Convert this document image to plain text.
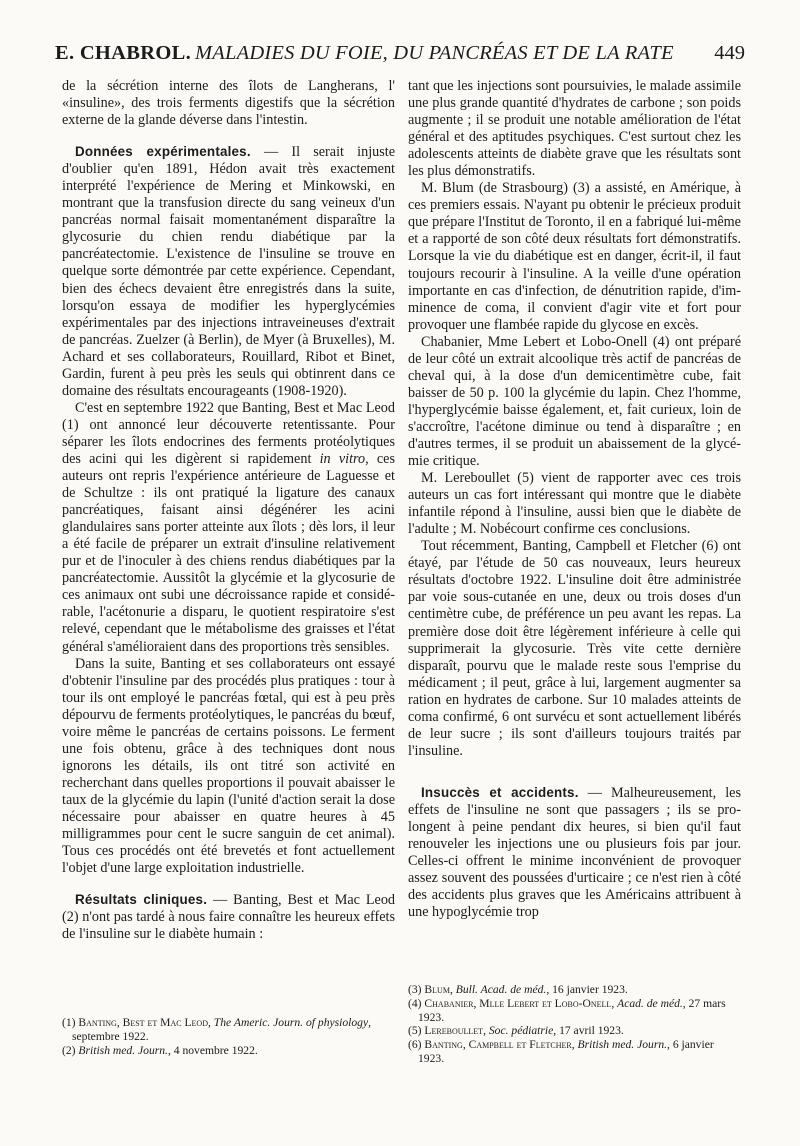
E. CHABROL. MALADIES DU FOIE, DU PANCRÉAS ET DE LA RATE 449

de la sécrétion interne des îlots de Langherans, l' «insuline», des trois ferments digestifs que la sécrétion externe de la glande déverse dans l'intestin.

Données expérimentales. — Il serait injuste d'oublier qu'en 1891, Hédon avait très exactement interprété l'expérience de Mering et Minkowski, en montrant que la transfusion directe du sang veineux d'un pancréas normal faisait momentanément disparaître la glycosurie du chien rendu diabétique par la pancréatectomie. L'existence de l'insuline se trouve en quelque sorte démontrée par cette expérience. Cependant, bien des échecs devaient être enregistrés dans la suite, lorsqu'on essaya de modifier les hyperglycémies expérimentales par des injections intraveineuses d'extrait de pancréas. Zuelzer (à Berlin), de Myer (à Bruxelles), M. Achard et ses collaborateurs, Rouillard, Ribot et Binet, Gardin, furent à peu près les seuls qui obtinrent dans ce domaine des résultats encourageants (1908-1920).

C'est en septembre 1922 que Banting, Best et Mac Leod (1) ont annoncé leur découverte retentissante. Pour séparer les îlots endocrines des ferments protéolytiques des acini qui les digèrent si rapidement in vitro, ces auteurs ont repris l'expérience antérieure de Laguesse et de Schultze : ils ont pratiqué la ligature des canaux pancréatiques, faisant ainsi dégénérer les acini glandulaires sans porter atteinte aux îlots ; dès lors, il leur a été facile de préparer un extrait d'insuline relativement pur et de l'inoculer à des chiens rendus diabétiques par la pancréatectomie. Aussitôt la glycémie et la glycosurie de ces animaux ont subi une décroissance rapide et considérable, l'acétonurie a disparu, le quotient respiratoire s'est relevé, cependant que le métabolisme des graisses et l'état général s'amélioraient dans des proportions très sensibles.

Dans la suite, Banting et ses collaborateurs ont essayé d'obtenir l'insuline par des procédés plus pratiques : tour à tour ils ont employé le pancréas fœtal, qui est à peu près dépourvu de ferments protéolytiques, le pancréas du bœuf, voire même le pancréas de certains poissons. Le ferment une fois obtenu, grâce à des techniques dont nous ignorons les détails, ils ont titré son activité en recherchant dans quelles proportions il pouvait abaisser le taux de la glycémie du lapin (l'unité d'action serait la dose nécessaire pour abaisser en quatre heures à 45 milligrammes pour cent le sucre sanguin de cet animal). Tous ces procédés ont été brevetés et font actuellement l'objet d'une large exploitation industrielle.

Résultats cliniques. — Banting, Best et Mac Leod (2) n'ont pas tardé à nous faire connaître les heureux effets de l'insuline sur le diabète humain :

tant que les injections sont poursuivies, le malade assimile une plus grande quantité d'hydrates de carbone ; son poids augmente ; il se produit une notable amélioration de l'état général et des aptitudes psychiques. C'est surtout chez les adolescents atteints de diabète grave que les résultats sont les plus démonstratifs.

M. Blum (de Strasbourg) (3) a assisté, en Amérique, à ces premiers essais. N'ayant pu obtenir le précieux produit que prépare l'Institut de Toronto, il en a fabriqué lui-même et a rapporté de son côté deux résultats fort démonstratifs. Lorsque la vie du diabétique est en danger, écrit-il, il faut toujours recourir à l'insuline. A la veille d'une opération importante en cas d'infection, de dénutrition rapide, d'imminence de coma, il convient d'agir vite et fort pour provoquer une flambée rapide du glycose en excès.

Chabanier, Mme Lebert et Lobo-Onell (4) ont préparé de leur côté un extrait alcoolique très actif de pancréas de cheval qui, à la dose d'un demicentimètre cube, fait baisser de 50 p. 100 la glycémie du lapin. Chez l'homme, l'hyperglycémie baisse également, et, fait curieux, loin de s'accroître, l'acétone diminue ou tend à disparaître ; en d'autres termes, il se produit un abaissement de la glycémie critique.

M. Lereboullet (5) vient de rapporter avec ces trois auteurs un cas fort intéressant qui montre que le diabète infantile répond à l'insuline, aussi bien que le diabète de l'adulte ; M. Nobécourt confirme ces conclusions.

Tout récemment, Banting, Campbell et Fletcher (6) ont étayé, par l'étude de 50 cas nouveaux, leurs heureux résultats d'octobre 1922. L'insuline doit être administrée par voie sous-cutanée en une, deux ou trois doses d'un centimètre cube, de préférence un peu avant les repas. La première dose doit être légèrement inférieure à celle qui supprimerait la glycosurie. Très vite cette dernière disparaît, pourvu que le malade reste sous l'emprise du médicament ; il peut, grâce à lui, largement augmenter sa ration en hydrates de carbone. Sur 10 malades atteints de coma confirmé, 6 ont survécu et sont actuellement libérés de leur sucre ; ils sont d'ailleurs toujours traités par l'insuline.

Insuccès et accidents. — Malheureusement, les effets de l'insuline ne sont que passagers ; ils se prolongent à peine pendant dix heures, si bien qu'il faut renouveler les injections une ou plusieurs fois par jour. Celles-ci offrent le minime inconvénient de provoquer assez souvent des poussées d'urticaire ; ce n'est rien à côté des accidents plus graves que les Américains attribuent à une hypoglycémie trop

(1) Banting, Best et Mac Leod, The Americ. Journ. of physiology, septembre 1922.
(2) British med. Journ., 4 novembre 1922.
(3) Blum, Bull. Acad. de méd., 16 janvier 1923.
(4) Chabanier, Mlle Lebert et Lobo-Onell, Acad. de méd., 27 mars 1923.
(5) Lereboullet, Soc. pédiatrie, 17 avril 1923.
(6) Banting, Campbell et Fletcher, British med. Journ., 6 janvier 1923.
